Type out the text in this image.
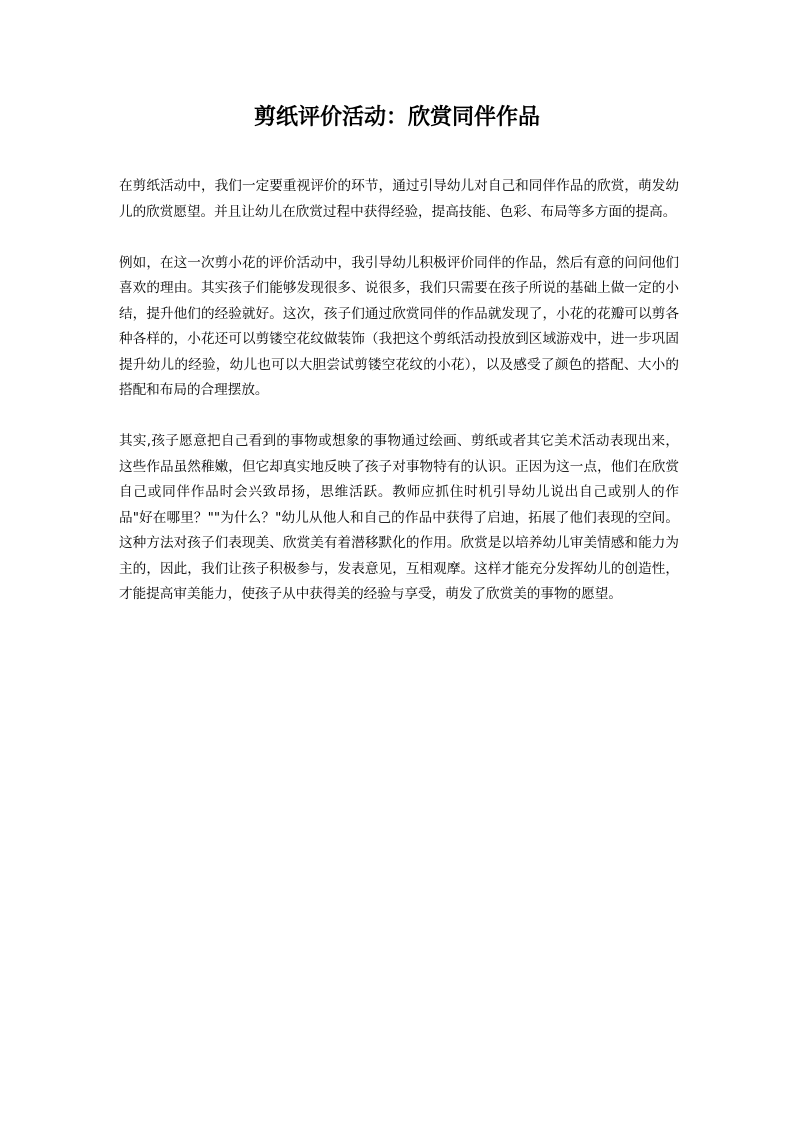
剪纸评价活动：欣赏同伴作品

在剪纸活动中，我们一定要重视评价的环节，通过引导幼儿对自己和同伴作品的欣赏，萌发幼儿的欣赏愿望。并且让幼儿在欣赏过程中获得经验，提高技能、色彩、布局等多方面的提高。

例如，在这一次剪小花的评价活动中，我引导幼儿积极评价同伴的作品，然后有意的问问他们喜欢的理由。其实孩子们能够发现很多、说很多，我们只需要在孩子所说的基础上做一定的小结，提升他们的经验就好。这次，孩子们通过欣赏同伴的作品就发现了，小花的花瓣可以剪各种各样的，小花还可以剪镂空花纹做装饰（我把这个剪纸活动投放到区域游戏中，进一步巩固提升幼儿的经验，幼儿也可以大胆尝试剪镂空花纹的小花），以及感受了颜色的搭配、大小的搭配和布局的合理摆放。

其实,孩子愿意把自己看到的事物或想象的事物通过绘画、剪纸或者其它美术活动表现出来，这些作品虽然稚嫩，但它却真实地反映了孩子对事物特有的认识。正因为这一点，他们在欣赏自己或同伴作品时会兴致昂扬，思维活跃。教师应抓住时机引导幼儿说出自己或别人的作品"好在哪里？""为什么？"幼儿从他人和自己的作品中获得了启迪，拓展了他们表现的空间。这种方法对孩子们表现美、欣赏美有着潜移默化的作用。欣赏是以培养幼儿审美情感和能力为主的，因此，我们让孩子积极参与，发表意见，互相观摩。这样才能充分发挥幼儿的创造性，才能提高审美能力，使孩子从中获得美的经验与享受，萌发了欣赏美的事物的愿望。
